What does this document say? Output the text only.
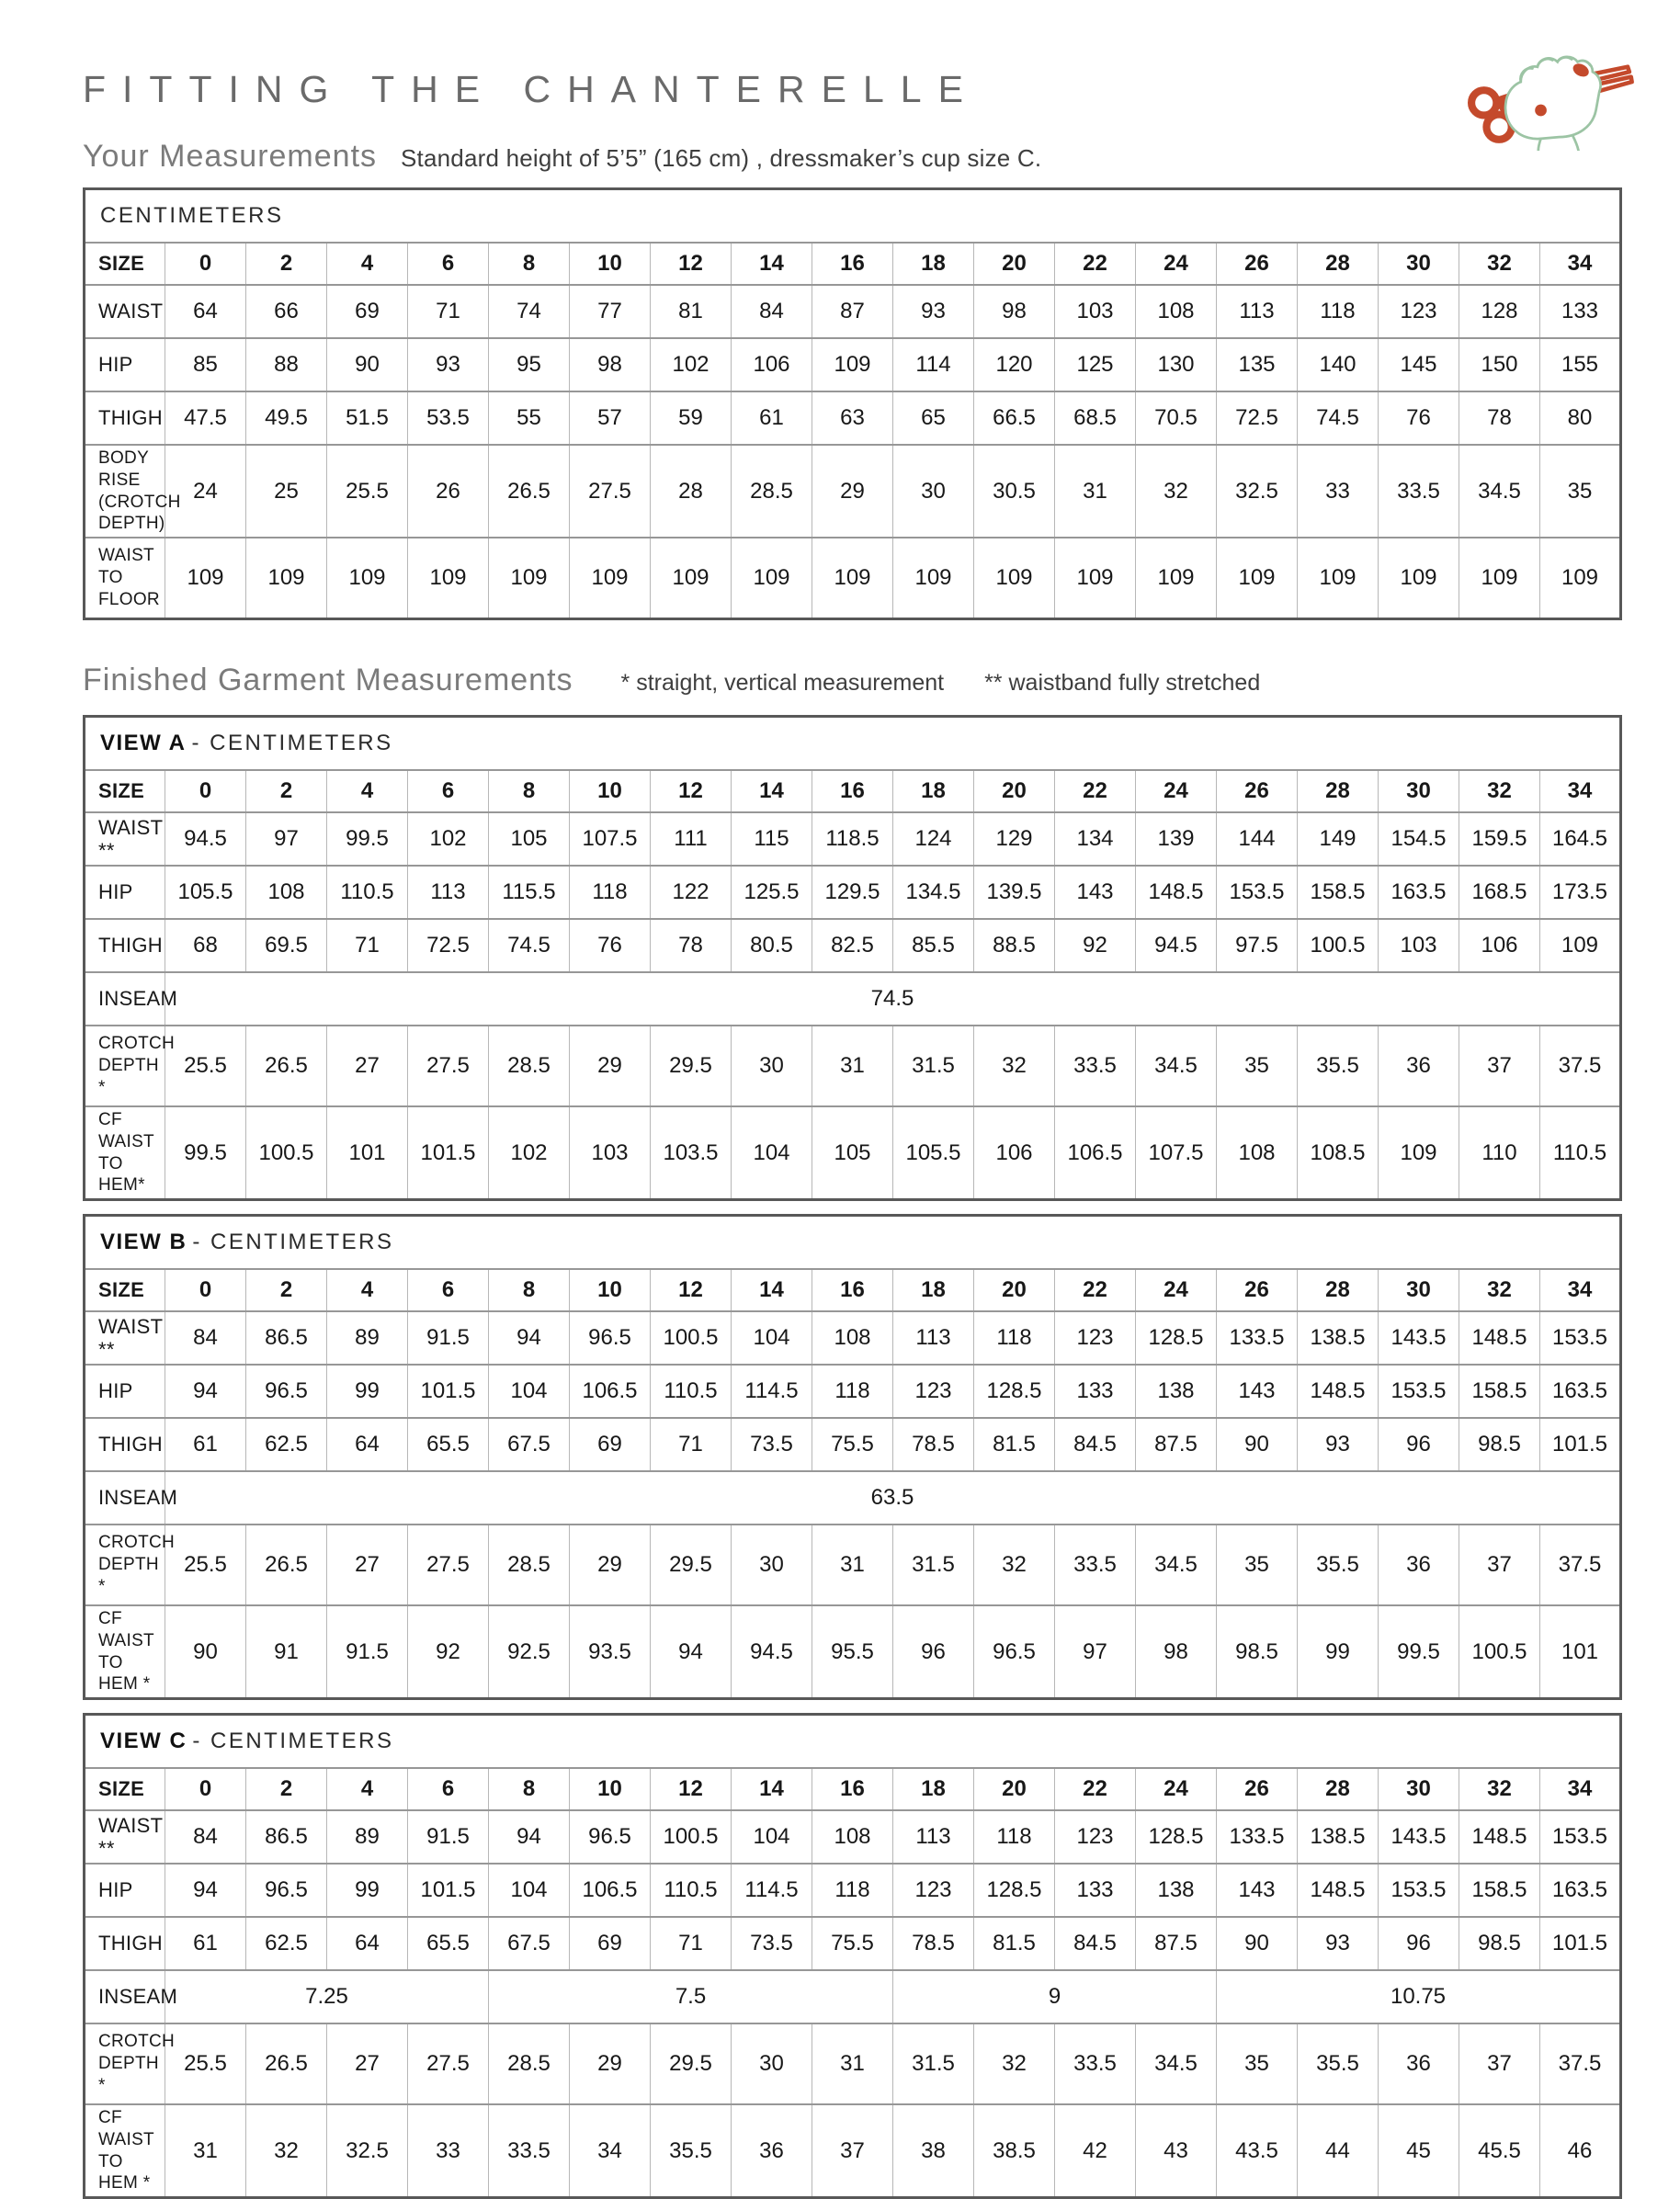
FITTING THE CHANTERELLE
Your Measurements Standard height of 5’5” (165 cm) , dressmaker’s cup size C.
CENTIMETERS																		
SIZE	0	2	4	6	8	10	12	14	16	18	20	22	24	26	28	30	32	34
WAIST	64	66	69	71	74	77	81	84	87	93	98	103	108	113	118	123	128	133
HIP	85	88	90	93	95	98	102	106	109	114	120	125	130	135	140	145	150	155
THIGH	47.5	49.5	51.5	53.5	55	57	59	61	63	65	66.5	68.5	70.5	72.5	74.5	76	78	80
BODY RISE (CROTCH DEPTH)	24	25	25.5	26	26.5	27.5	28	28.5	29	30	30.5	31	32	32.5	33	33.5	34.5	35
WAIST TO FLOOR	109	109	109	109	109	109	109	109	109	109	109	109	109	109	109	109	109	109
Finished Garment Measurements * straight, vertical measurement ** waistband fully stretched
VIEW A - CENTIMETERS																		
SIZE	0	2	4	6	8	10	12	14	16	18	20	22	24	26	28	30	32	34
WAIST **	94.5	97	99.5	102	105	107.5	111	115	118.5	124	129	134	139	144	149	154.5	159.5	164.5
HIP	105.5	108	110.5	113	115.5	118	122	125.5	129.5	134.5	139.5	143	148.5	153.5	158.5	163.5	168.5	173.5
THIGH	68	69.5	71	72.5	74.5	76	78	80.5	82.5	85.5	88.5	92	94.5	97.5	100.5	103	106	109
INSEAM	74.5																	
CROTCH DEPTH *	25.5	26.5	27	27.5	28.5	29	29.5	30	31	31.5	32	33.5	34.5	35	35.5	36	37	37.5
CF WAIST TO HEM*	99.5	100.5	101	101.5	102	103	103.5	104	105	105.5	106	106.5	107.5	108	108.5	109	110	110.5
VIEW B - CENTIMETERS																		
SIZE	0	2	4	6	8	10	12	14	16	18	20	22	24	26	28	30	32	34
WAIST **	84	86.5	89	91.5	94	96.5	100.5	104	108	113	118	123	128.5	133.5	138.5	143.5	148.5	153.5
HIP	94	96.5	99	101.5	104	106.5	110.5	114.5	118	123	128.5	133	138	143	148.5	153.5	158.5	163.5
THIGH	61	62.5	64	65.5	67.5	69	71	73.5	75.5	78.5	81.5	84.5	87.5	90	93	96	98.5	101.5
INSEAM	63.5																	
CROTCH DEPTH *	25.5	26.5	27	27.5	28.5	29	29.5	30	31	31.5	32	33.5	34.5	35	35.5	36	37	37.5
CF WAIST TO HEM *	90	91	91.5	92	92.5	93.5	94	94.5	95.5	96	96.5	97	98	98.5	99	99.5	100.5	101
VIEW C - CENTIMETERS																		
SIZE	0	2	4	6	8	10	12	14	16	18	20	22	24	26	28	30	32	34
WAIST **	84	86.5	89	91.5	94	96.5	100.5	104	108	113	118	123	128.5	133.5	138.5	143.5	148.5	153.5
HIP	94	96.5	99	101.5	104	106.5	110.5	114.5	118	123	128.5	133	138	143	148.5	153.5	158.5	163.5
THIGH	61	62.5	64	65.5	67.5	69	71	73.5	75.5	78.5	81.5	84.5	87.5	90	93	96	98.5	101.5
INSEAM	7.25				7.5					9				10.75				
CROTCH DEPTH *	25.5	26.5	27	27.5	28.5	29	29.5	30	31	31.5	32	33.5	34.5	35	35.5	36	37	37.5
CF WAIST TO HEM *	31	32	32.5	33	33.5	34	35.5	36	37	38	38.5	42	43	43.5	44	45	45.5	46
